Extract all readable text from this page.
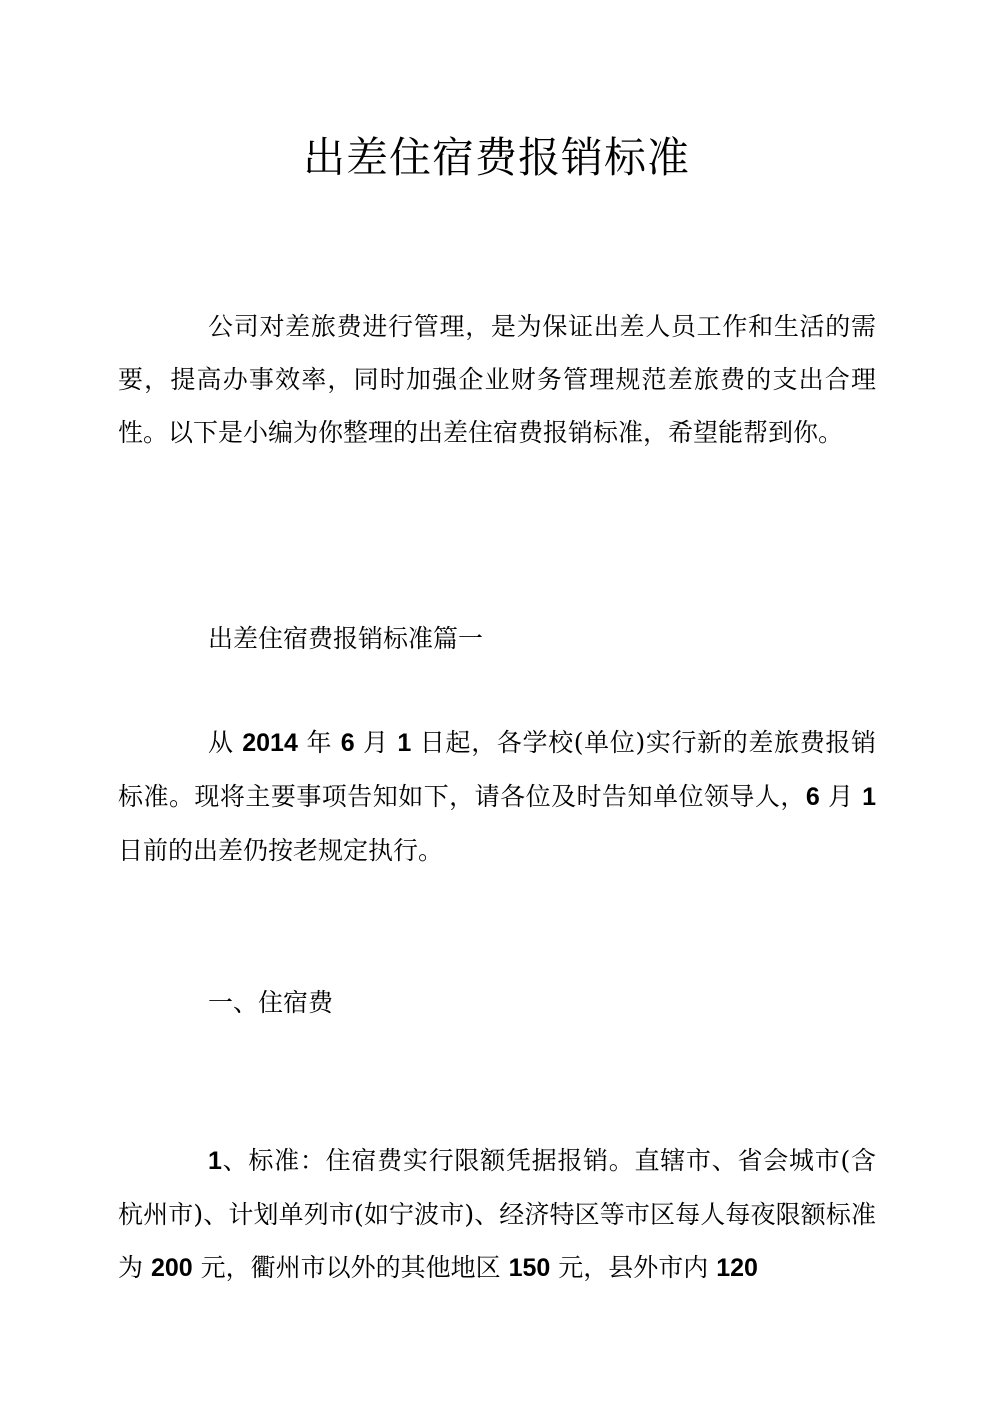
出差住宿费报销标准

公司对差旅费进行管理，是为保证出差人员工作和生活的需要，提高办事效率，同时加强企业财务管理规范差旅费的支出合理性。以下是小编为你整理的出差住宿费报销标准，希望能帮到你。

出差住宿费报销标准篇一

从 2014 年 6 月 1 日起，各学校(单位)实行新的差旅费报销标准。现将主要事项告知如下，请各位及时告知单位领导人，6 月 1 日前的出差仍按老规定执行。

一、住宿费

1、标准：住宿费实行限额凭据报销。直辖市、省会城市(含杭州市)、计划单列市(如宁波市)、经济特区等市区每人每夜限额标准为 200 元，衢州市以外的其他地区 150 元，县外市内 120
